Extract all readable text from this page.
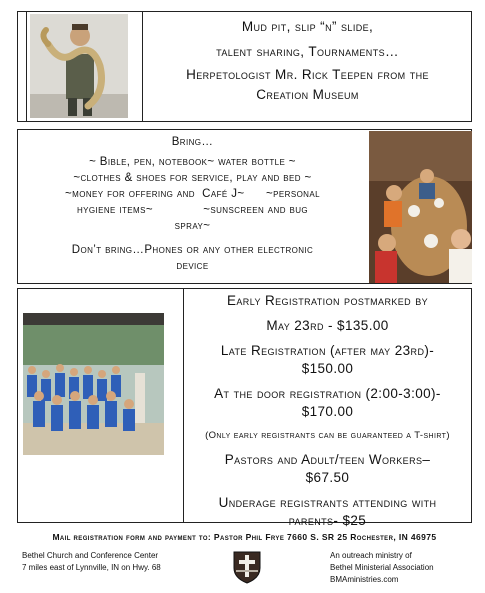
Mud pit, slip “n” slide,
talent sharing, Tournaments…
Herpetologist Mr. Rick Teepen from the
Creation Museum
Bring…
~ Bible, pen, notebook~ water bottle ~
~clothes & shoes for service, play and bed ~
~money for offering and  Café J~      ~personal
hygiene items~              ~sunscreen and bug
spray~
Don’t bring…Phones or any other electronic
device
Early Registration postmarked by
May 23rd - $135.00
Late Registration (after may 23rd)-
$150.00
At the door registration (2:00-3:00)-
$170.00
(Only early registrants can be guaranteed a T-shirt)
Pastors and Adult/teen Workers–
$67.50
Underage registrants attending with
parents- $25
Mail registration form and payment to: Pastor Phil Frye 7660 S. SR 25 Rochester, IN 46975
Bethel Church and Conference Center
7 miles east of Lynnville, IN on Hwy. 68
An outreach ministry of
Bethel Ministerial Association
BMAministries.com
